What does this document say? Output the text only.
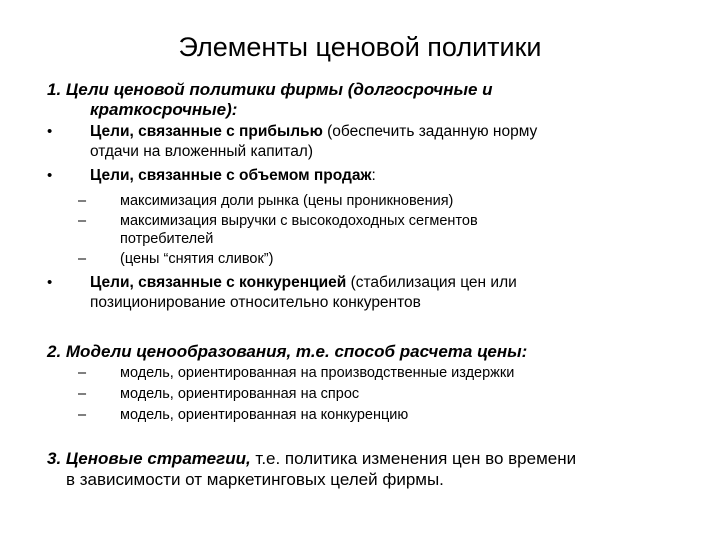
Элементы ценовой политики
1. Цели ценовой политики фирмы (долгосрочные и
краткосрочные):
• Цели, связанные с прибылью (обеспечить заданную норму
отдачи на вложенный капитал)
• Цели, связанные с объемом продаж:
– максимизация доли рынка (цены проникновения)
– максимизация выручки с высокодоходных сегментов
потребителей
– (цены “снятия сливок”)
• Цели, связанные с конкуренцией (стабилизация цен или
позиционирование относительно конкурентов
2. Модели ценообразования, т.е. способ расчета цены:
– модель, ориентированная на производственные издержки
– модель, ориентированная на спрос
– модель, ориентированная на конкуренцию
3. Ценовые стратегии, т.е. политика изменения цен во времени
в зависимости от маркетинговых целей фирмы.
